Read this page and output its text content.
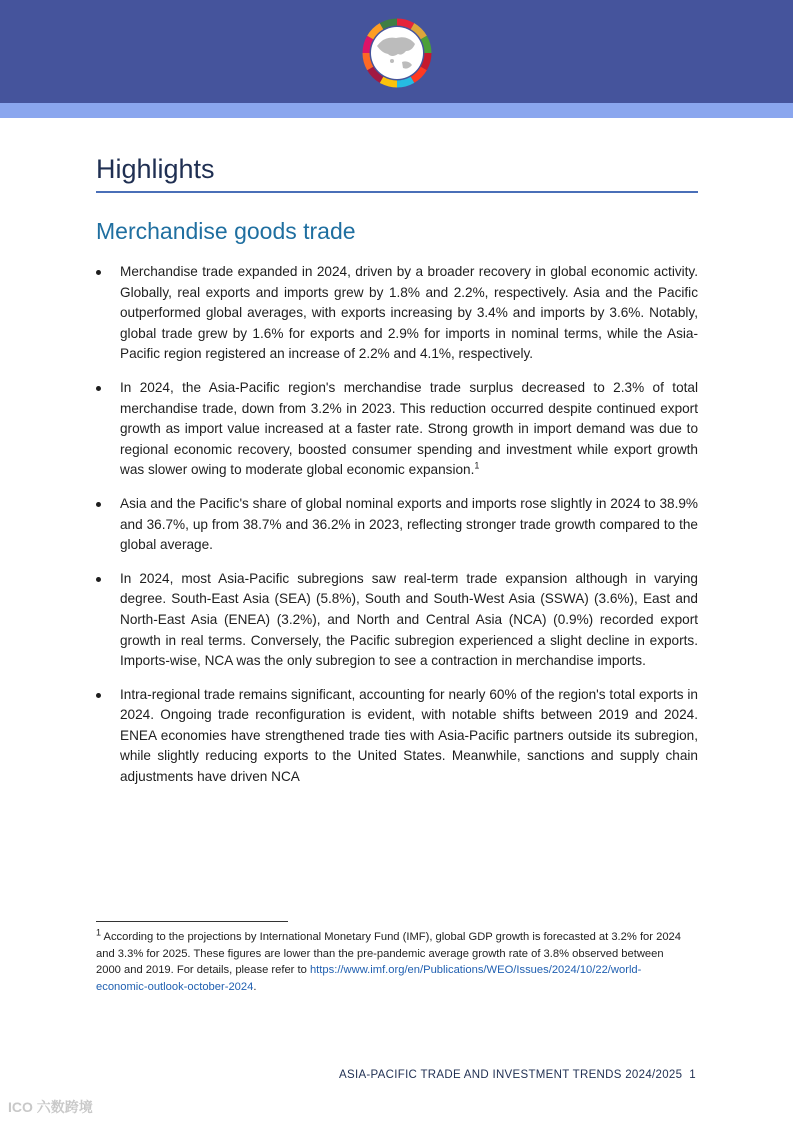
Highlights
Merchandise goods trade
Merchandise trade expanded in 2024, driven by a broader recovery in global economic activity. Globally, real exports and imports grew by 1.8% and 2.2%, respectively. Asia and the Pacific outperformed global averages, with exports increasing by 3.4% and imports by 3.6%. Notably, global trade grew by 1.6% for exports and 2.9% for imports in nominal terms, while the Asia-Pacific region registered an increase of 2.2% and 4.1%, respectively.
In 2024, the Asia-Pacific region's merchandise trade surplus decreased to 2.3% of total merchandise trade, down from 3.2% in 2023. This reduction occurred despite continued export growth as import value increased at a faster rate. Strong growth in import demand was due to regional economic recovery, boosted consumer spending and investment while export growth was slower owing to moderate global economic expansion.$^1$
Asia and the Pacific's share of global nominal exports and imports rose slightly in 2024 to 38.9% and 36.7%, up from 38.7% and 36.2% in 2023, reflecting stronger trade growth compared to the global average.
In 2024, most Asia-Pacific subregions saw real-term trade expansion although in varying degree. South-East Asia (SEA) (5.8%), South and South-West Asia (SSWA) (3.6%), East and North-East Asia (ENEA) (3.2%), and North and Central Asia (NCA) (0.9%) recorded export growth in real terms. Conversely, the Pacific subregion experienced a slight decline in exports. Imports-wise, NCA was the only subregion to see a contraction in merchandise imports.
Intra-regional trade remains significant, accounting for nearly 60% of the region's total exports in 2024. Ongoing trade reconfiguration is evident, with notable shifts between 2019 and 2024. ENEA economies have strengthened trade ties with Asia-Pacific partners outside its subregion, while slightly reducing exports to the United States. Meanwhile, sanctions and supply chain adjustments have driven NCA
$^1$ According to the projections by International Monetary Fund (IMF), global GDP growth is forecasted at 3.2% for 2024 and 3.3% for 2025. These figures are lower than the pre-pandemic average growth rate of 3.8% observed between 2000 and 2019. For details, please refer to https://www.imf.org/en/Publications/WEO/Issues/2024/10/22/world-economic-outlook-october-2024.
ASIA-PACIFIC TRADE AND INVESTMENT TRENDS 2024/2025 1
ICO 六数跨境
